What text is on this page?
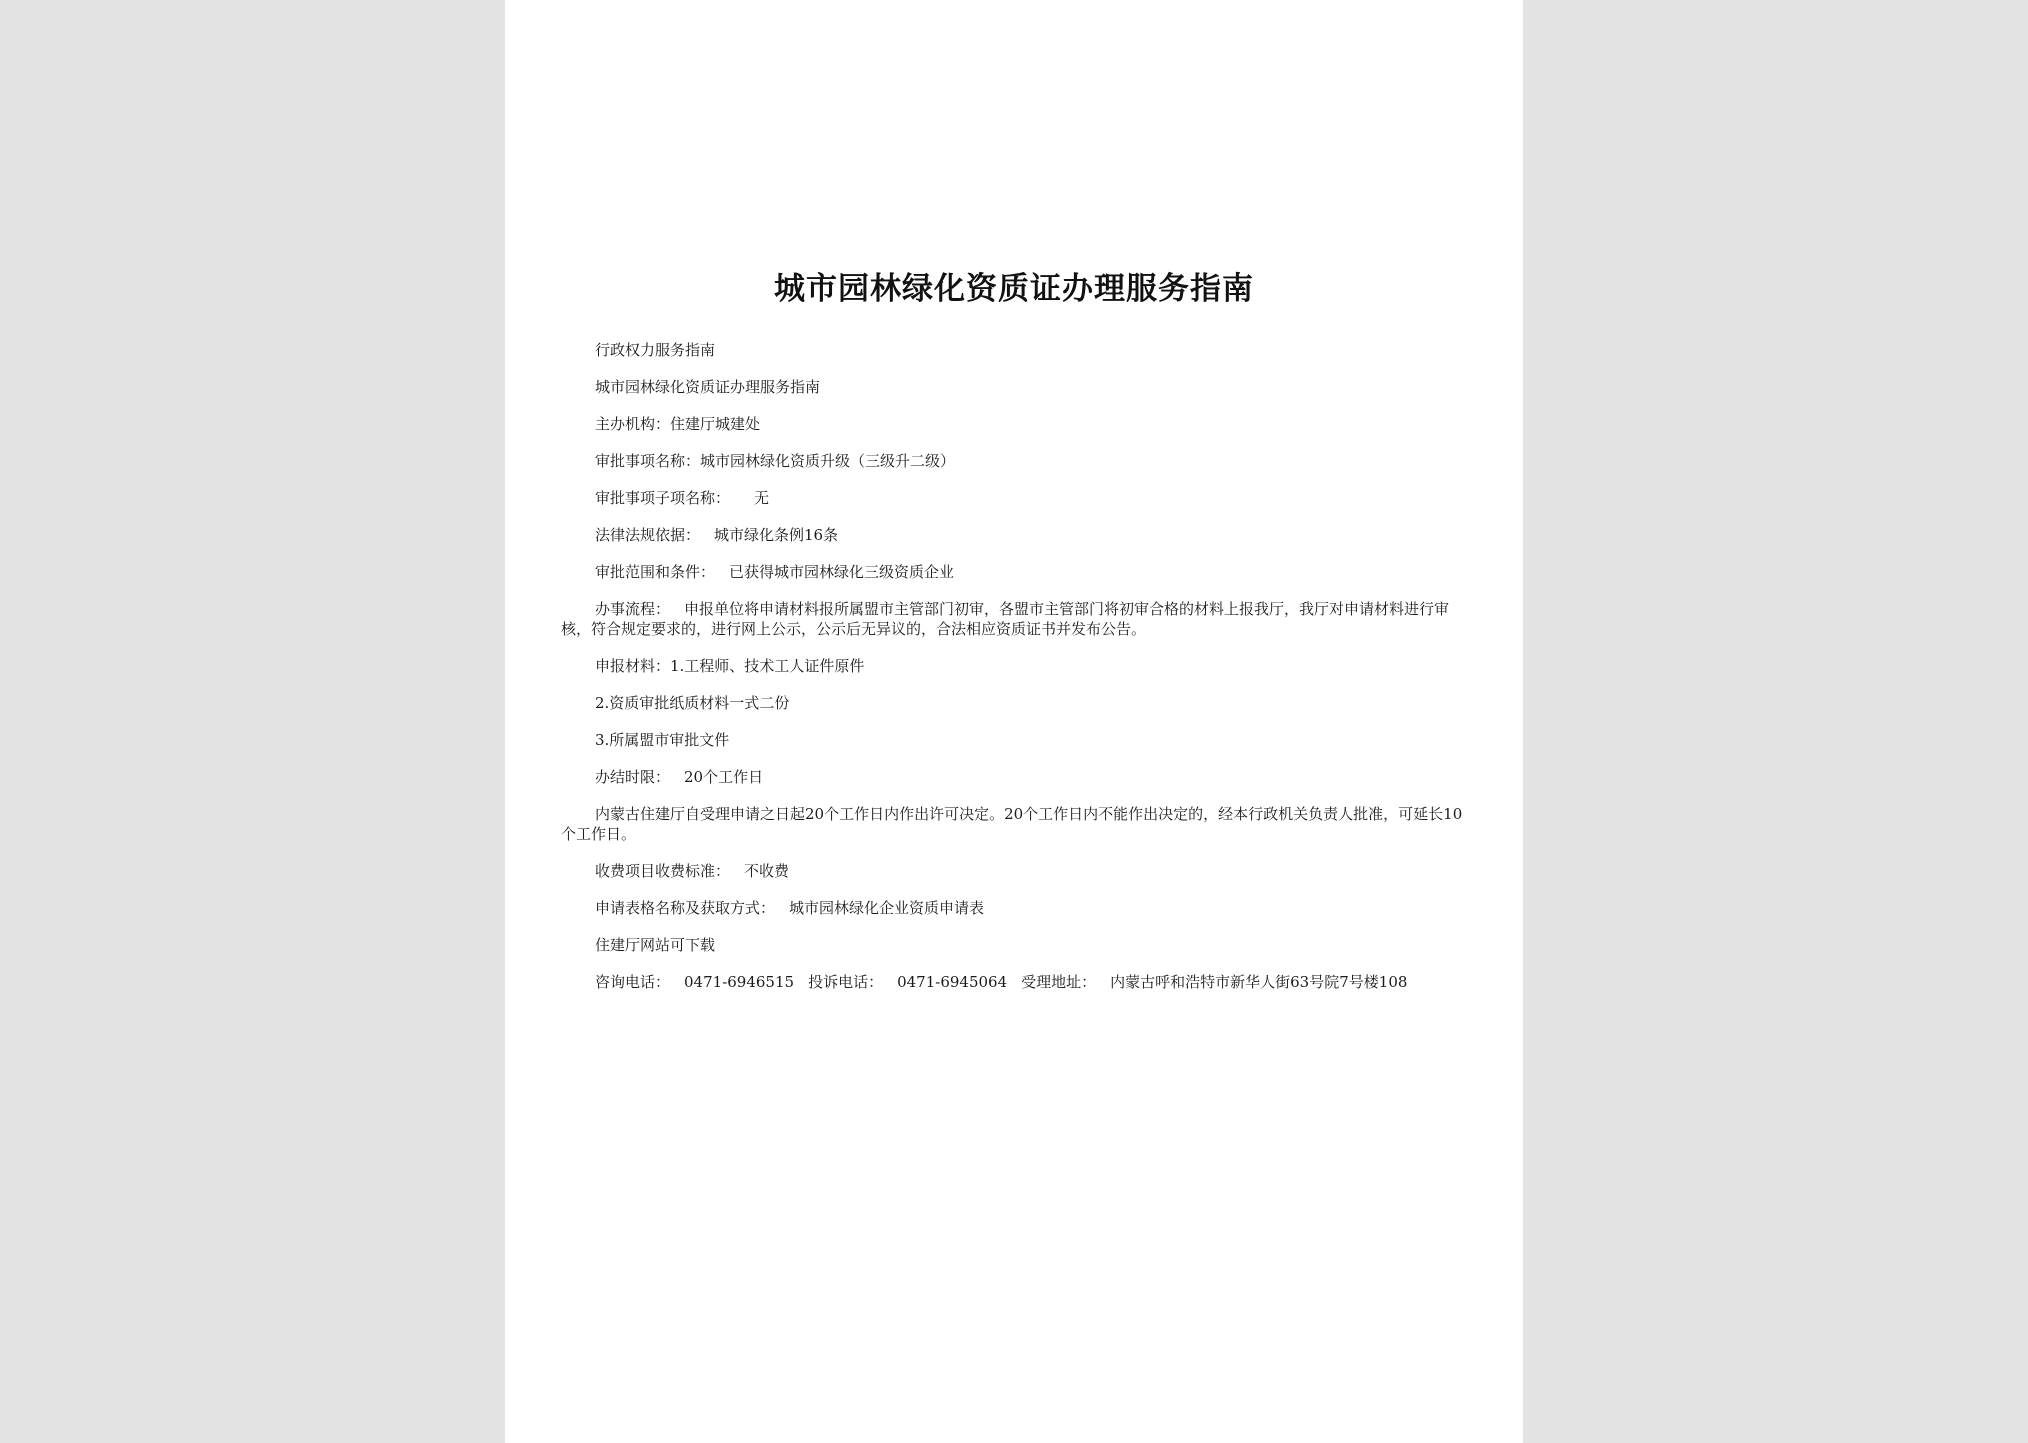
城市园林绿化资质证办理服务指南

行政权力服务指南

城市园林绿化资质证办理服务指南

主办机构：住建厅城建处

审批事项名称：城市园林绿化资质升级（三级升二级）

审批事项子项名称： 无

法律法规依据： 城市绿化条例16条

审批范围和条件： 已获得城市园林绿化三级资质企业

办事流程： 申报单位将申请材料报所属盟市主管部门初审，各盟市主管部门将初审合格的材料上报我厅，我厅对申请材料进行审核，符合规定要求的，进行网上公示，公示后无异议的，合法相应资质证书并发布公告。

申报材料：1.工程师、技术工人证件原件

2.资质审批纸质材料一式二份

3.所属盟市审批文件

办结时限： 20个工作日

内蒙古住建厅自受理申请之日起20个工作日内作出许可决定。20个工作日内不能作出决定的，经本行政机关负责人批准，可延长10个工作日。

收费项目收费标准： 不收费

申请表格名称及获取方式： 城市园林绿化企业资质申请表

住建厅网站可下载

咨询电话： 0471-6946515 投诉电话： 0471-6945064 受理地址： 内蒙古呼和浩特市新华人街63号院7号楼108
